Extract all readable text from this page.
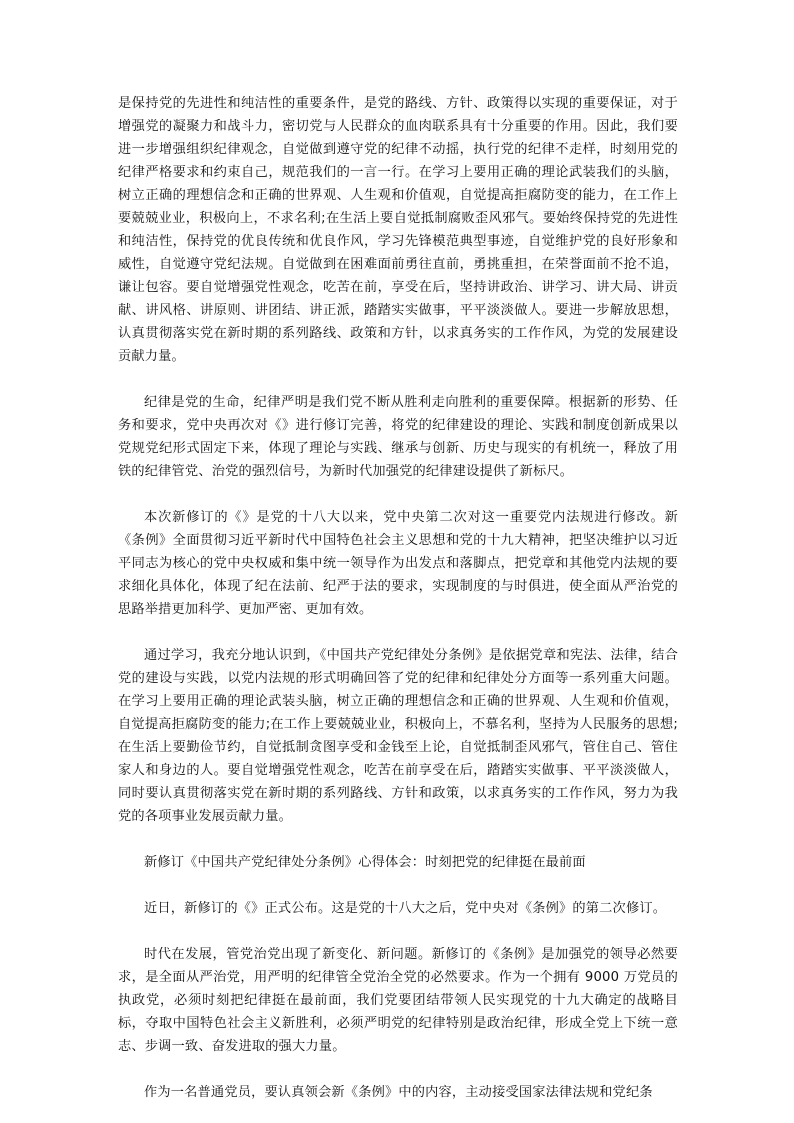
是保持党的先进性和纯洁性的重要条件，是党的路线、方针、政策得以实现的重要保证，对于增强党的凝聚力和战斗力，密切党与人民群众的血肉联系具有十分重要的作用。因此，我们要进一步增强组织纪律观念，自觉做到遵守党的纪律不动摇，执行党的纪律不走样，时刻用党的纪律严格要求和约束自己，规范我们的一言一行。在学习上要用正确的理论武装我们的头脑，树立正确的理想信念和正确的世界观、人生观和价值观，自觉提高拒腐防变的能力，在工作上要兢兢业业，积极向上，不求名利;在生活上要自觉抵制腐败歪风邪气。要始终保持党的先进性和纯洁性，保持党的优良传统和优良作风，学习先锋模范典型事迹，自觉维护党的良好形象和威性，自觉遵守党纪法规。自觉做到在困难面前勇往直前，勇挑重担，在荣誉面前不抢不追，谦让包容。要自觉增强党性观念，吃苦在前，享受在后，坚持讲政治、讲学习、讲大局、讲贡献、讲风格、讲原则、讲团结、讲正派，踏踏实实做事，平平淡淡做人。要进一步解放思想，认真贯彻落实党在新时期的系列路线、政策和方针，以求真务实的工作作风，为党的发展建设贡献力量。

纪律是党的生命，纪律严明是我们党不断从胜利走向胜利的重要保障。根据新的形势、任务和要求，党中央再次对《》进行修订完善，将党的纪律建设的理论、实践和制度创新成果以党规党纪形式固定下来，体现了理论与实践、继承与创新、历史与现实的有机统一，释放了用铁的纪律管党、治党的强烈信号，为新时代加强党的纪律建设提供了新标尺。

本次新修订的《》是党的十八大以来，党中央第二次对这一重要党内法规进行修改。新《条例》全面贯彻习近平新时代中国特色社会主义思想和党的十九大精神，把坚决维护以习近平同志为核心的党中央权威和集中统一领导作为出发点和落脚点，把党章和其他党内法规的要求细化具体化，体现了纪在法前、纪严于法的要求，实现制度的与时俱进，使全面从严治党的思路举措更加科学、更加严密、更加有效。

通过学习，我充分地认识到，《中国共产党纪律处分条例》是依据党章和宪法、法律，结合党的建设与实践，以党内法规的形式明确回答了党的纪律和纪律处分方面等一系列重大问题。在学习上要用正确的理论武装头脑，树立正确的理想信念和正确的世界观、人生观和价值观，自觉提高拒腐防变的能力;在工作上要兢兢业业，积极向上，不慕名利，坚持为人民服务的思想;在生活上要勤俭节约，自觉抵制贪图享受和金钱至上论，自觉抵制歪风邪气，管住自己、管住家人和身边的人。要自觉增强党性观念，吃苦在前享受在后，踏踏实实做事、平平淡淡做人，同时要认真贯彻落实党在新时期的系列路线、方针和政策，以求真务实的工作作风，努力为我党的各项事业发展贡献力量。

新修订《中国共产党纪律处分条例》心得体会：时刻把党的纪律挺在最前面

近日，新修订的《》正式公布。这是党的十八大之后，党中央对《条例》的第二次修订。

时代在发展，管党治党出现了新变化、新问题。新修订的《条例》是加强党的领导必然要求，是全面从严治党，用严明的纪律管全党治全党的必然要求。作为一个拥有 9000 万党员的执政党，必须时刻把纪律挺在最前面，我们党要团结带领人民实现党的十九大确定的战略目标，夺取中国特色社会主义新胜利，必须严明党的纪律特别是政治纪律，形成全党上下统一意志、步调一致、奋发进取的强大力量。

作为一名普通党员，要认真领会新《条例》中的内容，主动接受国家法律法规和党纪条
